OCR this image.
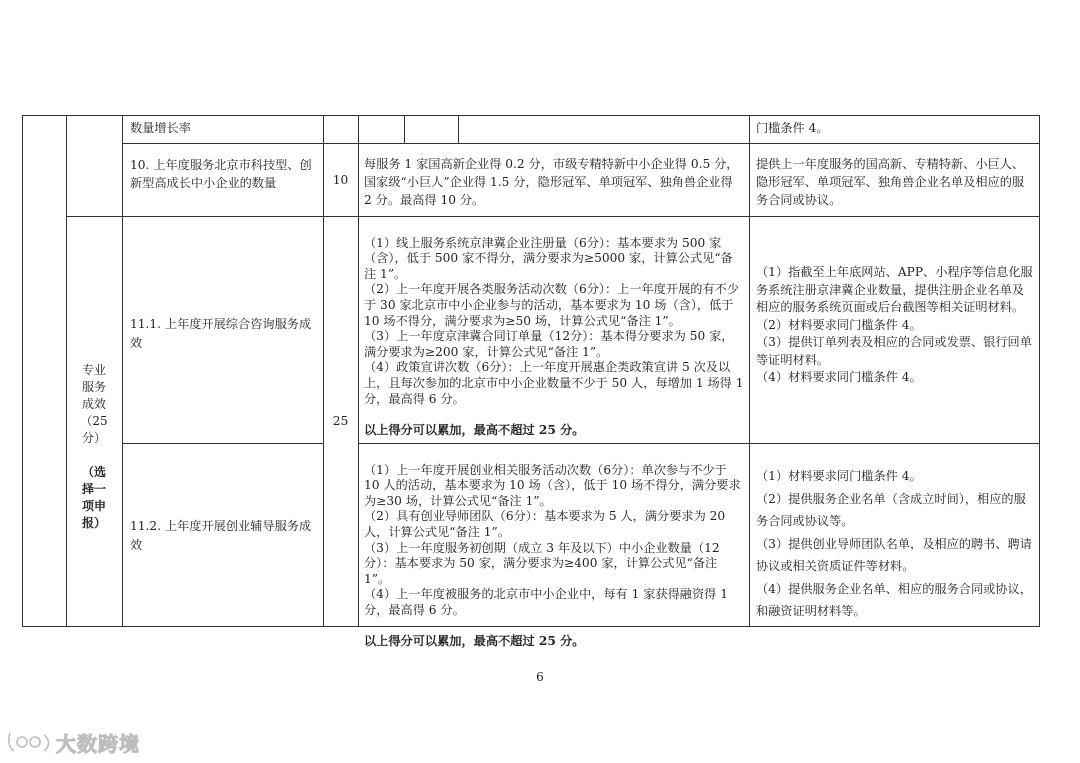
数量增长率	门槛条件 4。
10. 上年度服务北京市科技型、创新型高成长中小企业的数量	10
每服务 1 家国高新企业得 0.2 分，市级专精特新中小企业得 0.5 分，国家级“小巨人”企业得 1.5 分，隐形冠军、单项冠军、独角兽企业得 2 分。最高得 10 分。
提供上一年度服务的国高新、专精特新、小巨人、隐形冠军、单项冠军、独角兽企业名单及相应的服务合同或协议。

专业
服务
成效
（25
分）

（选
择一
项申
报）

25
11.1. 上年度开展综合咨询服务成效

（1）线上服务系统京津冀企业注册量（6分）：基本要求为 500 家（含），低于 500 家不得分，满分要求为≥5000 家，计算公式见“备注 1”。
（2）上一年度开展各类服务活动次数（6分）：上一年度开展的有不少于 30 家北京市中小企业参与的活动，基本要求为 10 场（含），低于 10 场不得分，满分要求为≥50 场，计算公式见“备注 1”。
（3）上一年度京津冀合同订单量（12分）：基本得分要求为 50 家，满分要求为≥200 家，计算公式见“备注 1”。
（4）政策宣讲次数（6分）：上一年度开展惠企类政策宣讲 5 次及以上，且每次参加的北京市中小企业数量不少于 50 人，每增加 1 场得 1 分，最高得 6 分。

以上得分可以累加，最高不超过 25 分。

（1）指截至上年底网站、APP、小程序等信息化服务系统注册京津冀企业数量，提供注册企业名单及相应的服务系统页面或后台截图等相关证明材料。
（2）材料要求同门槛条件 4。
（3）提供订单列表及相应的合同或发票、银行回单等证明材料。
（4）材料要求同门槛条件 4。
11.2. 上年度开展创业辅导服务成效

（1）上一年度开展创业相关服务活动次数（6分）：单次参与不少于 10 人的活动，基本要求为 10 场（含），低于 10 场不得分，满分要求为≥30 场，计算公式见“备注 1”。
（2）具有创业导师团队（6分）：基本要求为 5 人，满分要求为 20 人，计算公式见“备注 1”。
（3）上一年度服务初创期（成立 3 年及以下）中小企业数量（12分）：基本要求为 50 家，满分要求为≥400 家，计算公式见“备注 1”。
（4）上一年度被服务的北京市中小企业中，每有 1 家获得融资得 1 分，最高得 6 分。

以上得分可以累加，最高不超过 25 分。

（1）材料要求同门槛条件 4。
（2）提供服务企业名单（含成立时间），相应的服务合同或协议等。
（3）提供创业导师团队名单，及相应的聘书、聘请协议或相关资质证件等材料。
（4）提供服务企业名单、相应的服务合同或协议，和融资证明材料等。
6
大数跨境
